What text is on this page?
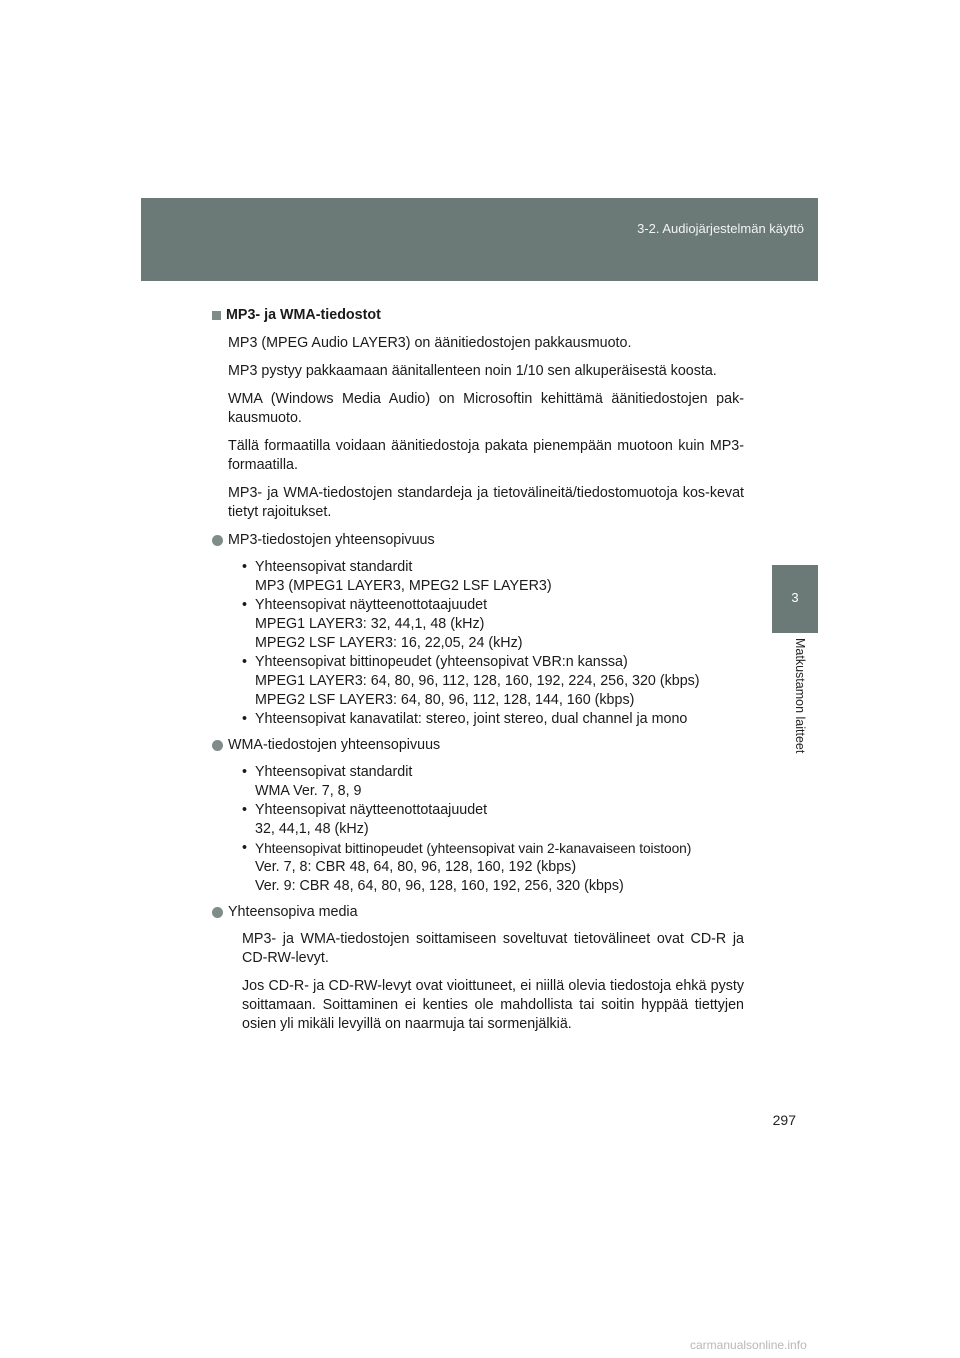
3-2. Audiojärjestelmän käyttö
3
Matkustamon laitteet
MP3- ja WMA-tiedostot

MP3 (MPEG Audio LAYER3) on äänitiedostojen pakkausmuoto.

MP3 pystyy pakkaamaan äänitallenteen noin 1/10 sen alkuperäisestä koosta.

WMA (Windows Media Audio) on Microsoftin kehittämä äänitiedostojen pak-kausmuoto.

Tällä formaatilla voidaan äänitiedostoja pakata pienempään muotoon kuin MP3-formaatilla.

MP3- ja WMA-tiedostojen standardeja ja tietovälineitä/tiedostomuotoja kos-kevat tietyt rajoitukset.

MP3-tiedostojen yhteensopivuus
• Yhteensopivat standardit
MP3 (MPEG1 LAYER3, MPEG2 LSF LAYER3)
• Yhteensopivat näytteenottotaajuudet
MPEG1 LAYER3: 32, 44,1, 48 (kHz)
MPEG2 LSF LAYER3: 16, 22,05, 24 (kHz)
• Yhteensopivat bittinopeudet (yhteensopivat VBR:n kanssa)
MPEG1 LAYER3: 64, 80, 96, 112, 128, 160, 192, 224, 256, 320 (kbps)
MPEG2 LSF LAYER3: 64, 80, 96, 112, 128, 144, 160 (kbps)
• Yhteensopivat kanavatilat: stereo, joint stereo, dual channel ja mono
WMA-tiedostojen yhteensopivuus
• Yhteensopivat standardit
WMA Ver. 7, 8, 9
• Yhteensopivat näytteenottotaajuudet
32, 44,1, 48 (kHz)
• Yhteensopivat bittinopeudet (yhteensopivat vain 2-kanavaiseen toistoon)
Ver. 7, 8: CBR 48, 64, 80, 96, 128, 160, 192 (kbps)
Ver. 9: CBR 48, 64, 80, 96, 128, 160, 192, 256, 320 (kbps)
Yhteensopiva media

MP3- ja WMA-tiedostojen soittamiseen soveltuvat tietovälineet ovat CD-R ja CD-RW-levyt.

Jos CD-R- ja CD-RW-levyt ovat vioittuneet, ei niillä olevia tiedostoja ehkä pysty soittamaan. Soittaminen ei kenties ole mahdollista tai soitin hyppää tiettyjen osien yli mikäli levyillä on naarmuja tai sormenjälkiä.

297
carmanualsonline.info
